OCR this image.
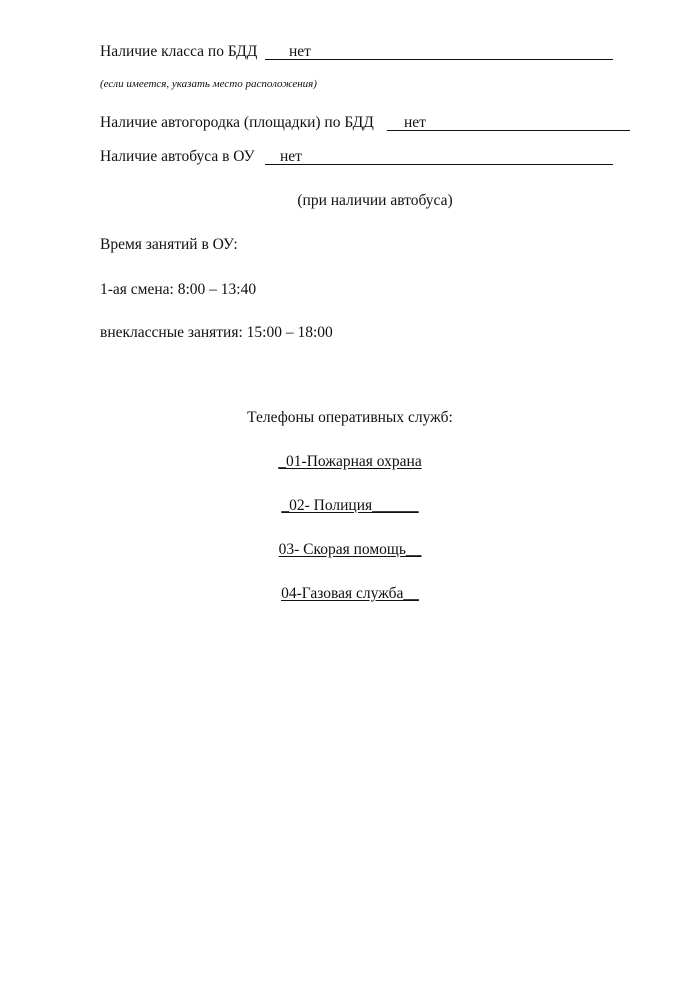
Наличие класса по БДД нет
(если имеется, указать место расположения)
Наличие автогородка (площадки) по БДД нет
Наличие автобуса в ОУ нет
(при наличии автобуса)
Время занятий в ОУ:
1-ая смена: 8:00 – 13:40
внеклассные занятия: 15:00 – 18:00
Телефоны оперативных служб:
_01-Пожарная охрана
_02- Полиция______
03- Скорая помощь__
04-Газовая служба__
